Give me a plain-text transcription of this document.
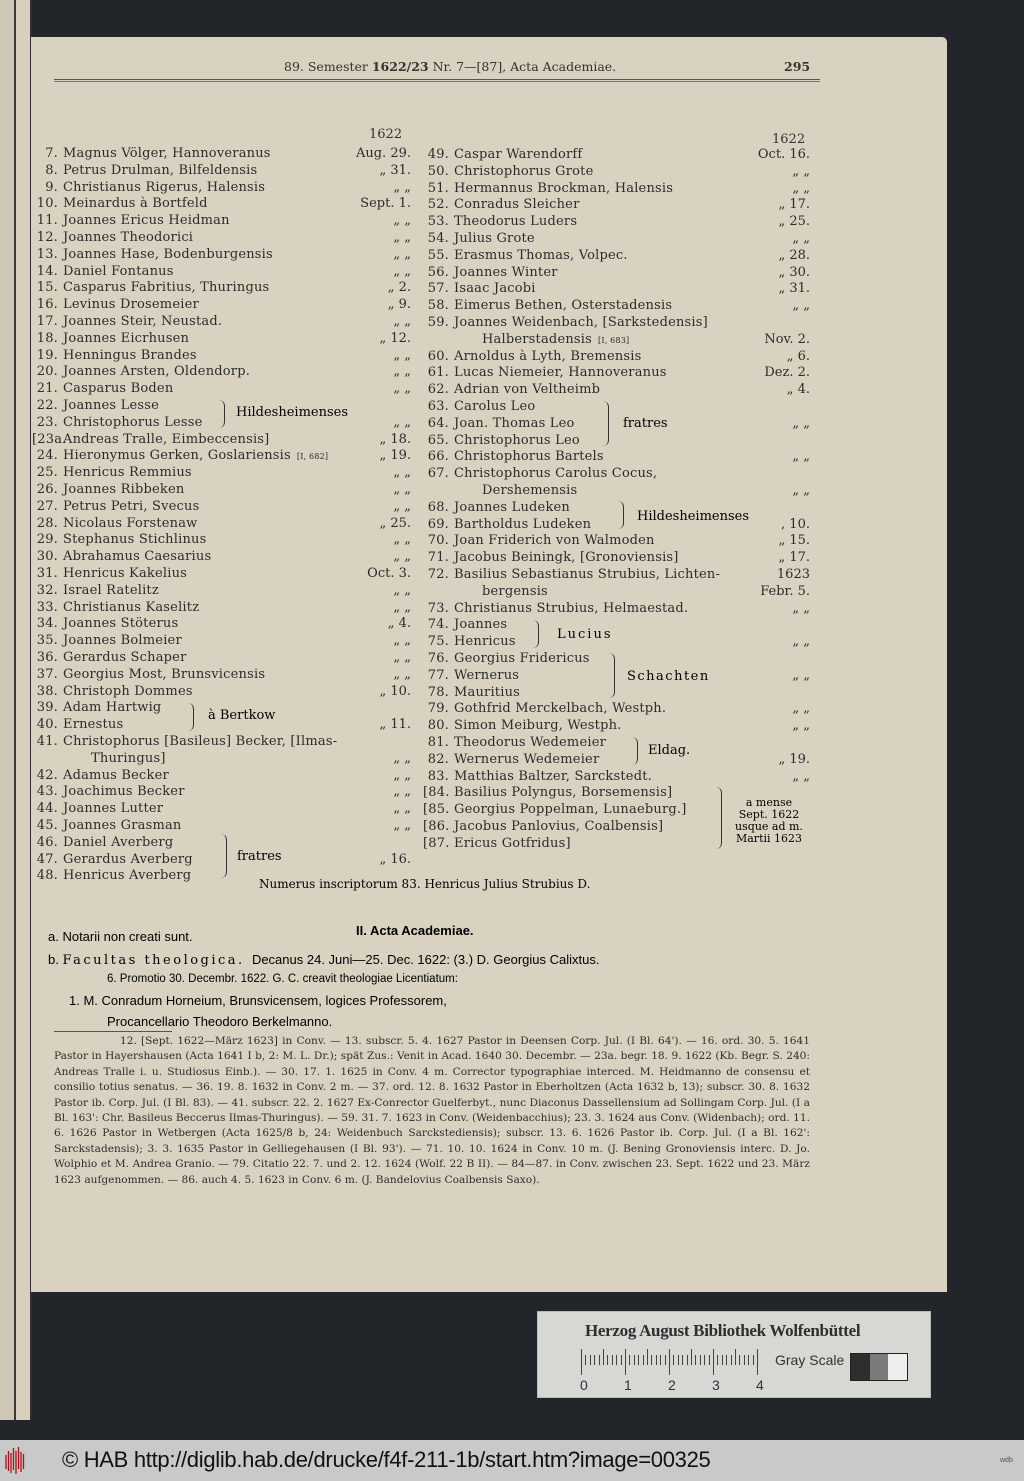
89. Semester 1622/23 Nr. 7—[87], Acta Academiae.	295
1622	1622
7. Magnus Völger, Hannoveranus	Aug. 29.
8. Petrus Drulman, Bilfeldensis	„ 31.
9. Christianus Rigerus, Halensis	„ „
10. Meinardus à Bortfeld	Sept. 1.
11. Joannes Ericus Heidman	„ „
12. Joannes Theodorici	„ „
13. Joannes Hase, Bodenburgensis	„ „
14. Daniel Fontanus	„ „
15. Casparus Fabritius, Thuringus	„ 2.
16. Levinus Drosemeier	„ 9.
17. Joannes Steir, Neustad.	„ „
18. Joannes Eicrhusen	„ 12.
19. Henningus Brandes	„ „
20. Joannes Arsten, Oldendorp.	„ „
21. Casparus Boden	„ „
22. Joannes Lesse
23. Christophorus Lesse	„ „
[23a.Andreas Tralle, Eimbeccensis]	„ 18.
24. Hieronymus Gerken, Goslariensis [I, 682]	„ 19.
25. Henricus Remmius	„ „
26. Joannes Ribbeken	„ „
27. Petrus Petri, Svecus	„ „
28. Nicolaus Forstenaw	„ 25.
29. Stephanus Stichlinus	„ „
30. Abrahamus Caesarius	„ „
31. Henricus Kakelius	Oct. 3.
32. Israel Ratelitz	„ „
33. Christianus Kaselitz	„ „
34. Joannes Stöterus	„ 4.
35. Joannes Bolmeier	„ „
36. Gerardus Schaper	„ „
37. Georgius Most, Brunsvicensis	„ „
38. Christoph Dommes	„ 10.
39. Adam Hartwig
40. Ernestus	„ 11.
41. Christophorus [Basileus] Becker, [Ilmas-
Thuringus]	„ „
42. Adamus Becker	„ „
43. Joachimus Becker	„ „
44. Joannes Lutter	„ „
45. Joannes Grasman	„ „
46. Daniel Averberg
47. Gerardus Averberg	„ 16.
48. Henricus Averberg
49. Caspar Warendorff	Oct. 16.
50. Christophorus Grote	„ „
51. Hermannus Brockman, Halensis	„ „
52. Conradus Sleicher	„ 17.
53. Theodorus Luders	„ 25.
54. Julius Grote	„ „
55. Erasmus Thomas, Volpec.	„ 28.
56. Joannes Winter	„ 30.
57. Isaac Jacobi	„ 31.
58. Eimerus Bethen, Osterstadensis	„ „
59. Joannes Weidenbach, [Sarkstedensis]
Halberstadensis [I, 683]	Nov. 2.
60. Arnoldus à Lyth, Bremensis	„ 6.
61. Lucas Niemeier, Hannoveranus	Dez. 2.
62. Adrian von Veltheimb	„ 4.
63. Carolus Leo
64. Joan. Thomas Leo	„ „
65. Christophorus Leo
66. Christophorus Bartels	„ „
67. Christophorus Carolus Cocus,
Dershemensis	„ „
68. Joannes Ludeken
69. Bartholdus Ludeken	, 10.
70. Joan Friderich von Walmoden	„ 15.
71. Jacobus Beiningk, [Gronoviensis]	„ 17.
72. Basilius Sebastianus Strubius, Lichten-	1623
bergensis	Febr. 5.
73. Christianus Strubius, Helmaestad.	„ „
74. Joannes
75. Henricus	„ „
76. Georgius Fridericus
77. Wernerus	„ „
78. Mauritius
79. Gothfrid Merckelbach, Westph.	„ „
80. Simon Meiburg, Westph.	„ „
81. Theodorus Wedemeier
82. Wernerus Wedemeier	„ 19.
83. Matthias Baltzer, Sarckstedt.	„ „
[84. Basilius Polyngus, Borsemensis]
[85. Georgius Poppelman, Lunaeburg.]
[86. Jacobus Panlovius, Coalbensis]
[87. Ericus Gotfridus]
Hildesheimenses
à Bertkow
fratres
fratres
Hildesheimenses
Lucius
Schachten
Eldag.
a mense
Sept. 1622
usque ad m.
Martii 1623
Numerus inscriptorum 83. Henricus Julius Strubius D.
a. Notarii non creati sunt.	II. Acta Academiae.
b. Facultas theologica. Decanus 24. Juni—25. Dec. 1622: (3.) D. Georgius Calixtus.
6. Promotio 30. Decembr. 1622. G. C. creavit theologiae Licentiatum:
1. M. Conradum Horneium, Brunsvicensem, logices Professorem,
Procancellario Theodoro Berkelmanno.

12. [Sept. 1622—März 1623] in Conv. — 13. subscr. 5. 4. 1627 Pastor in Deensen Corp. Jul. (I Bl. 64'). — 16. ord. 30. 5. 1641 Pastor in Hayershausen (Acta 1641 I b, 2: M. L. Dr.); spät Zus.: Venit in Acad. 1640 30. Decembr. — 23a. begr. 18. 9. 1622 (Kb. Begr. S. 240: Andreas Tralle i. u. Studiosus Einb.). — 30. 17. 1. 1625 in Conv. 4 m. Corrector typographiae interced. M. Heidmanno de consensu et consilio totius senatus. — 36. 19. 8. 1632 in Conv. 2 m. — 37. ord. 12. 8. 1632 Pastor in Eberholtzen (Acta 1632 b, 13); subscr. 30. 8. 1632 Pastor ib. Corp. Jul. (I Bl. 83). — 41. subscr. 22. 2. 1627 Ex-Conrector Guelferbyt., nunc Diaconus Dassellensium ad Sollingam Corp. Jul. (I a Bl. 163': Chr. Basileus Beccerus Ilmas-Thuringus). — 59. 31. 7. 1623 in Conv. (Weidenbacchius); 23. 3. 1624 aus Conv. (Widenbach); ord. 11. 6. 1626 Pastor in Wetbergen (Acta 1625/8 b, 24: Weidenbuch Sarckstediensis); subscr. 13. 6. 1626 Pastor ib. Corp. Jul. (I a Bl. 162': Sarckstadensis); 3. 3. 1635 Pastor in Gelliegehausen (I Bl. 93'). — 71. 10. 10. 1624 in Conv. 10 m. (J. Bening Gronoviensis interc. D. Jo. Wolphio et M. Andrea Granio. — 79. Citatio 22. 7. und 2. 12. 1624 (Wolf. 22 B II). — 84—87. in Conv. zwischen 23. Sept. 1622 und 23. März 1623 aufgenommen. — 86. auch 4. 5. 1623 in Conv. 6 m. (J. Bandelovius Coalbensis Saxo).

Herzog August Bibliothek Wolfenbüttel
0	1	2	3	4
Gray Scale
© HAB http://diglib.hab.de/drucke/f4f-211-1b/start.htm?image=00325	wdb
